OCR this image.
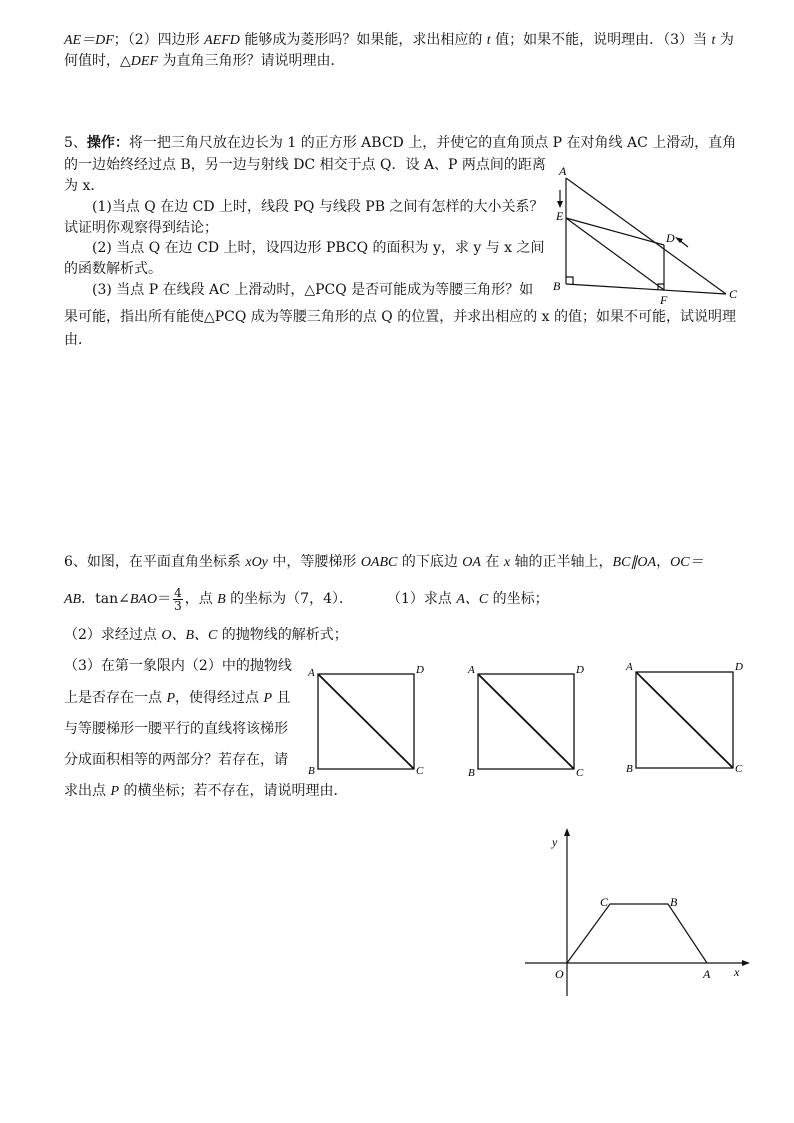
AE＝DF；（2）四边形 AEFD 能够成为菱形吗？如果能，求出相应的 t 值；如果不能，说明理由．（3）当 t 为
何值时，△DEF 为直角三角形？请说明理由．
5、操作：将一把三角尺放在边长为 1 的正方形 ABCD 上，并使它的直角顶点 P 在对角线 AC 上滑动，直角
的一边始终经过点 B，另一边与射线 DC 相交于点 Q．设 A、P 两点间的距离
为 x．
(1)当点 Q 在边 CD 上时，线段 PQ 与线段 PB 之间有怎样的大小关系？
试证明你观察得到结论；
(2) 当点 Q 在边 CD 上时，设四边形 PBCQ 的面积为 y，求 y 与 x 之间
的函数解析式。
(3) 当点 P 在线段 AC 上滑动时，△PCQ 是否可能成为等腰三角形？如
果可能，指出所有能使△PCQ 成为等腰三角形的点 Q 的位置，并求出相应的 x 的值；如果不可能，试说明理
由．
A
E
D
B
F	C
6、如图，在平面直角坐标系 xOy 中，等腰梯形 OABC 的下底边 OA 在 x 轴的正半轴上，BC∥OA，OC＝
AB．tan∠BAO＝ $\frac{4}{3}$ ，点 B 的坐标为（7，4）． （1）求点 A、C 的坐标；
（2）求经过点 O、B、C 的抛物线的解析式；
（3）在第一象限内（2）中的抛物线
上是否存在一点 P，使得经过点 P 且
与等腰梯形一腰平行的直线将该梯形
分成面积相等的两部分？若存在，请
求出点 P 的横坐标；若不存在，请说明理由．
A	D
B	C
A	D
B	C
A	D
B	C
y
x
O
C	B
A
